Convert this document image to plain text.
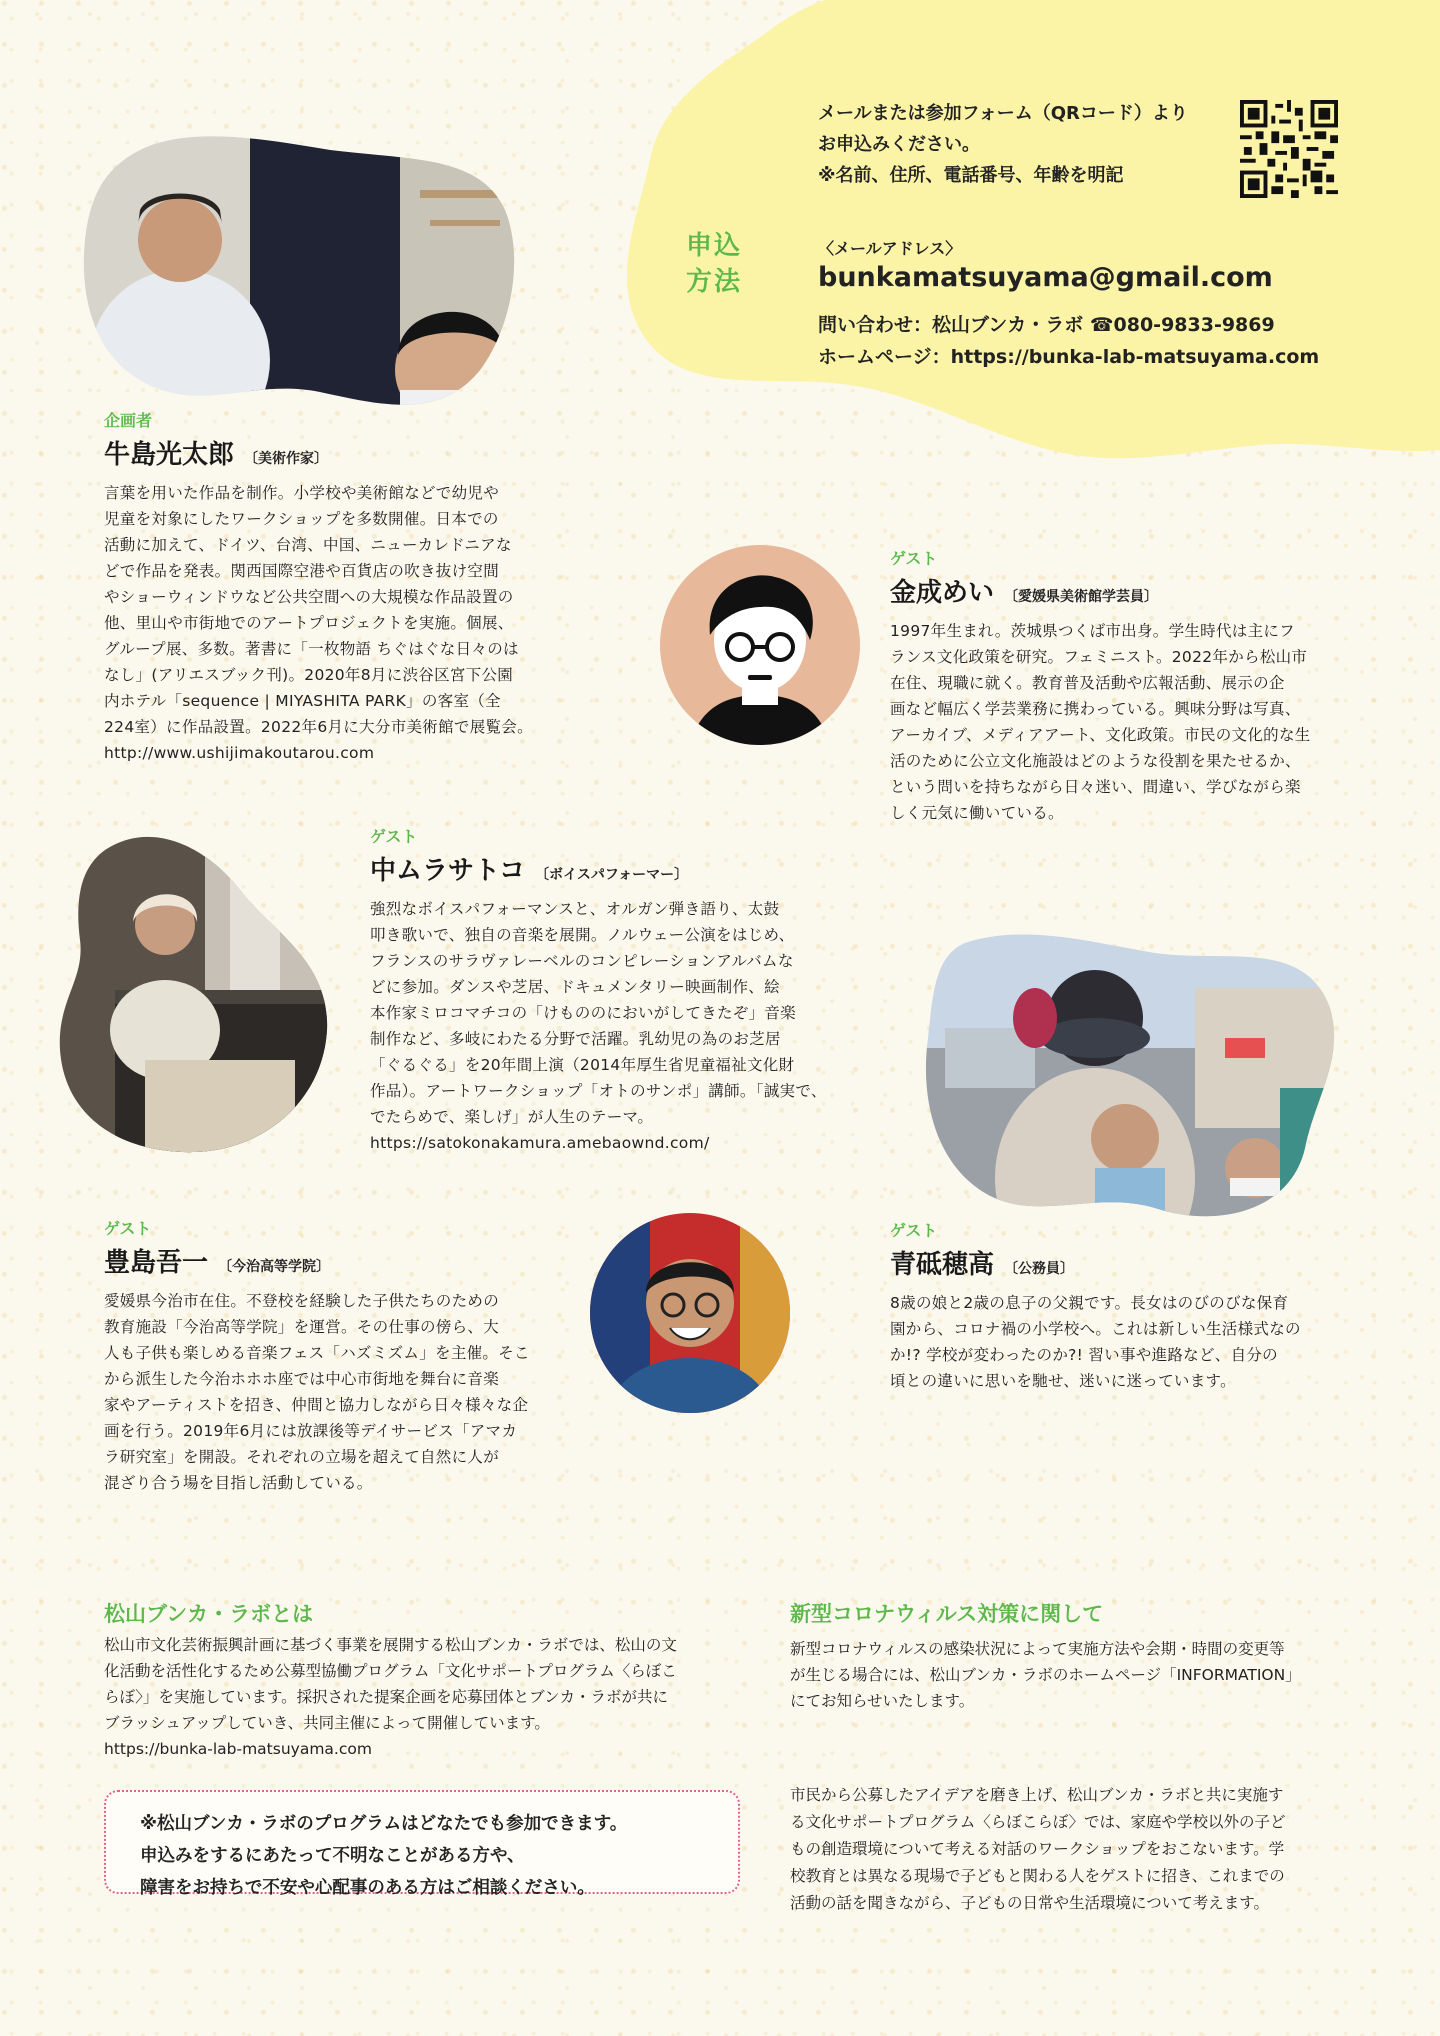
申込
方法
メールまたは参加フォーム（QRコード）より
お申込みください。
※名前、住所、電話番号、年齢を明記
〈メールアドレス〉
bunkamatsuyama@gmail.com
問い合わせ：松山ブンカ・ラボ ☎080-9833-9869
ホームページ：https://bunka-lab-matsuyama.com
企画者
牛島光太郎 〔美術作家〕
言葉を用いた作品を制作。小学校や美術館などで幼児や
児童を対象にしたワークショップを多数開催。日本での
活動に加えて、ドイツ、台湾、中国、ニューカレドニアな
どで作品を発表。関西国際空港や百貨店の吹き抜け空間
やショーウィンドウなど公共空間への大規模な作品設置の
他、里山や市街地でのアートプロジェクトを実施。個展、
グループ展、多数。著書に「一枚物語 ちぐはぐな日々のは
なし」(アリエスブック刊)。2020年8月に渋谷区宮下公園
内ホテル「sequence | MIYASHITA PARK」の客室（全
224室）に作品設置。2022年6月に大分市美術館で展覧会。
http://www.ushijimakoutarou.com
ゲスト
金成めい 〔愛媛県美術館学芸員〕
1997年生まれ。茨城県つくば市出身。学生時代は主にフ
ランス文化政策を研究。フェミニスト。2022年から松山市
在住、現職に就く。教育普及活動や広報活動、展示の企
画など幅広く学芸業務に携わっている。興味分野は写真、
アーカイブ、メディアアート、文化政策。市民の文化的な生
活のために公立文化施設はどのような役割を果たせるか、
という問いを持ちながら日々迷い、間違い、学びながら楽
しく元気に働いている。
ゲスト
中ムラサトコ 〔ボイスパフォーマー〕
強烈なボイスパフォーマンスと、オルガン弾き語り、太鼓
叩き歌いで、独自の音楽を展開。ノルウェー公演をはじめ、
フランスのサラヴァレーベルのコンピレーションアルバムな
どに参加。ダンスや芝居、ドキュメンタリー映画制作、絵
本作家ミロコマチコの「けもののにおいがしてきたぞ」音楽
制作など、多岐にわたる分野で活躍。乳幼児の為のお芝居
「ぐるぐる」を20年間上演（2014年厚生省児童福祉文化財
作品）。アートワークショップ「オトのサンポ」講師。「誠実で、
でたらめで、楽しげ」が人生のテーマ。
https://satokonakamura.amebaownd.com/
ゲスト
豊島吾一 〔今治高等学院〕
愛媛県今治市在住。不登校を経験した子供たちのための
教育施設「今治高等学院」を運営。その仕事の傍ら、大
人も子供も楽しめる音楽フェス「ハズミズム」を主催。そこ
から派生した今治ホホホ座では中心市街地を舞台に音楽
家やアーティストを招き、仲間と協力しながら日々様々な企
画を行う。2019年6月には放課後等デイサービス「アマカ
ラ研究室」を開設。それぞれの立場を超えて自然に人が
混ざり合う場を目指し活動している。
ゲスト
青砥穂高 〔公務員〕
8歳の娘と2歳の息子の父親です。長女はのびのびな保育
園から、コロナ禍の小学校へ。これは新しい生活様式なの
か!? 学校が変わったのか?! 習い事や進路など、自分の
頃との違いに思いを馳せ、迷いに迷っています。
松山ブンカ・ラボとは
松山市文化芸術振興計画に基づく事業を展開する松山ブンカ・ラボでは、松山の文
化活動を活性化するため公募型協働プログラム「文化サポートプログラム〈らぼこ
らぼ〉」を実施しています。採択された提案企画を応募団体とブンカ・ラボが共に
ブラッシュアップしていき、共同主催によって開催しています。
https://bunka-lab-matsuyama.com
新型コロナウィルス対策に関して
新型コロナウィルスの感染状況によって実施方法や会期・時間の変更等
が生じる場合には、松山ブンカ・ラボのホームページ「INFORMATION」
にてお知らせいたします。
※松山ブンカ・ラボのプログラムはどなたでも参加できます。
申込みをするにあたって不明なことがある方や、
障害をお持ちで不安や心配事のある方はご相談ください。
市民から公募したアイデアを磨き上げ、松山ブンカ・ラボと共に実施す
る文化サポートプログラム〈らぼこらぼ〉では、家庭や学校以外の子ど
もの創造環境について考える対話のワークショップをおこないます。学
校教育とは異なる現場で子どもと関わる人をゲストに招き、これまでの
活動の話を聞きながら、子どもの日常や生活環境について考えます。
